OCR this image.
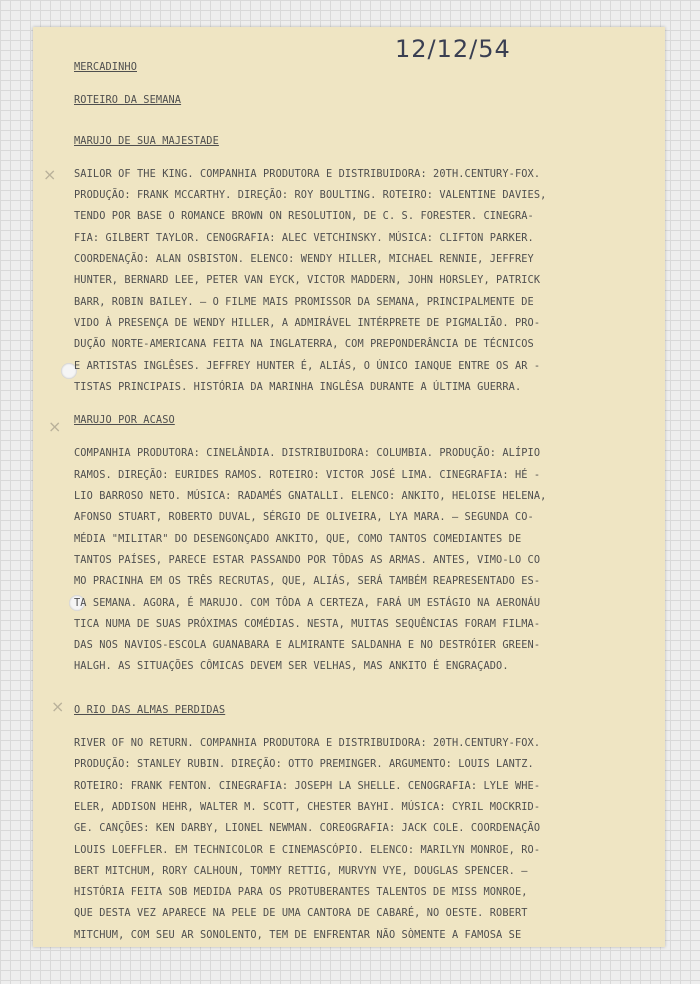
12/12/54
×
×
×

MERCADINHO

ROTEIRO DA SEMANA

MARUJO DE SUA MAJESTADE

SAILOR OF THE KING. COMPANHIA PRODUTORA E DISTRIBUIDORA: 20TH.CENTURY-FOX.

PRODUÇÃO: FRANK MCCARTHY. DIREÇÃO: ROY BOULTING. ROTEIRO: VALENTINE DAVIES,

TENDO POR BASE O ROMANCE BROWN ON RESOLUTION, DE C. S. FORESTER. CINEGRA-

FIA: GILBERT TAYLOR. CENOGRAFIA: ALEC VETCHINSKY. MÚSICA: CLIFTON PARKER.

COORDENAÇÃO: ALAN OSBISTON. ELENCO: WENDY HILLER, MICHAEL RENNIE, JEFFREY

HUNTER, BERNARD LEE, PETER VAN EYCK, VICTOR MADDERN, JOHN HORSLEY, PATRICK

BARR, ROBIN BAILEY. — O FILME MAIS PROMISSOR DA SEMANA, PRINCIPALMENTE DE

VIDO À PRESENÇA DE WENDY HILLER, A ADMIRÁVEL INTÉRPRETE DE PIGMALIÃO. PRO-

DUÇÃO NORTE-AMERICANA FEITA NA INGLATERRA, COM PREPONDERÂNCIA DE TÉCNICOS

E ARTISTAS INGLÊSES. JEFFREY HUNTER É, ALIÁS, O ÚNICO IANQUE ENTRE OS AR -

TISTAS PRINCIPAIS. HISTÓRIA DA MARINHA INGLÊSA DURANTE A ÚLTIMA GUERRA.

MARUJO POR ACASO

COMPANHIA PRODUTORA: CINELÂNDIA. DISTRIBUIDORA: COLUMBIA. PRODUÇÃO: ALÍPIO

RAMOS. DIREÇÃO: EURIDES RAMOS. ROTEIRO: VICTOR JOSÉ LIMA. CINEGRAFIA: HÉ -

LIO BARROSO NETO. MÚSICA: RADAMÉS GNATALLI. ELENCO: ANKITO, HELOISE HELENA,

AFONSO STUART, ROBERTO DUVAL, SÉRGIO DE OLIVEIRA, LYA MARA. — SEGUNDA CO-

MÉDIA "MILITAR" DO DESENGONÇADO ANKITO, QUE, COMO TANTOS COMEDIANTES DE

TANTOS PAÍSES, PARECE ESTAR PASSANDO POR TÔDAS AS ARMAS. ANTES, VIMO-LO CO

MO PRACINHA EM OS TRÊS RECRUTAS, QUE, ALIÁS, SERÁ TAMBÉM REAPRESENTADO ES-

TA SEMANA. AGORA, É MARUJO. COM TÔDA A CERTEZA, FARÁ UM ESTÁGIO NA AERONÁU

TICA NUMA DE SUAS PRÓXIMAS COMÉDIAS. NESTA, MUITAS SEQUÊNCIAS FORAM FILMA-

DAS NOS NAVIOS-ESCOLA GUANABARA E ALMIRANTE SALDANHA E NO DESTRÓIER GREEN-

HALGH. AS SITUAÇÕES CÔMICAS DEVEM SER VELHAS, MAS ANKITO É ENGRAÇADO.

O RIO DAS ALMAS PERDIDAS

RIVER OF NO RETURN. COMPANHIA PRODUTORA E DISTRIBUIDORA: 20TH.CENTURY-FOX.

PRODUÇÃO: STANLEY RUBIN. DIREÇÃO: OTTO PREMINGER. ARGUMENTO: LOUIS LANTZ.

ROTEIRO: FRANK FENTON. CINEGRAFIA: JOSEPH LA SHELLE. CENOGRAFIA: LYLE WHE-

ELER, ADDISON HEHR, WALTER M. SCOTT, CHESTER BAYHI. MÚSICA: CYRIL MOCKRID-

GE. CANÇÕES: KEN DARBY, LIONEL NEWMAN. COREOGRAFIA: JACK COLE. COORDENAÇÃO

LOUIS LOEFFLER. EM TECHNICOLOR E CINEMASCÓPIO. ELENCO: MARILYN MONROE, RO-

BERT MITCHUM, RORY CALHOUN, TOMMY RETTIG, MURVYN VYE, DOUGLAS SPENCER. —

HISTÓRIA FEITA SOB MEDIDA PARA OS PROTUBERANTES TALENTOS DE MISS MONROE,

QUE DESTA VEZ APARECE NA PELE DE UMA CANTORA DE CABARÉ, NO OESTE. ROBERT

MITCHUM, COM SEU AR SONOLENTO, TEM DE ENFRENTAR NÃO SÒMENTE A FAMOSA SE
